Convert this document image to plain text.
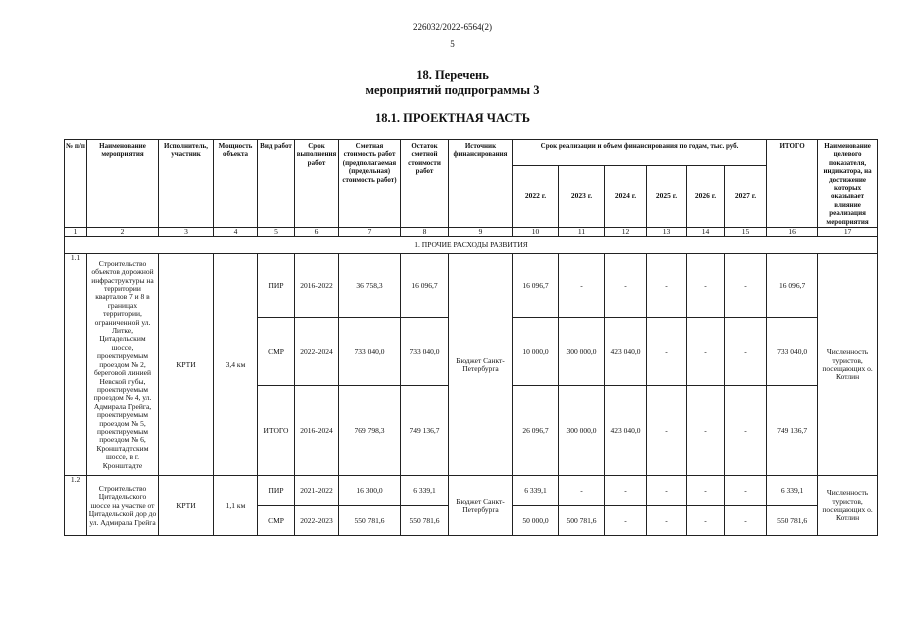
226032/2022-6564(2)
5
18. Перечень
мероприятий подпрограммы 3
18.1. ПРОЕКТНАЯ ЧАСТЬ
№ п/п	Наименование мероприятия	Исполнитель, участник	Мощность объекта	Вид работ	Срок выполнения работ	Сметная стоимость работ (предполагаемая (предельная) стоимость работ)	Остаток сметной стоимости работ	Источник финансирования	Срок реализации и объем финансирования по годам, тыс. руб.						ИТОГО	Наименование целевого показателя, индикатора, на достижение которых оказывает влияние реализация мероприятия
									2022 г.	2023 г.	2024 г.	2025 г.	2026 г.	2027 г.		
1	2	3	4	5	6	7	8	9	10	11	12	13	14	15	16	17
1. ПРОЧИЕ РАСХОДЫ РАЗВИТИЯ																
1.1	Строительство объектов дорожной инфраструктуры на территории кварталов 7 и 8 в границах территории, ограниченной ул. Литке, Цитадельским шоссе, проектируемым проездом № 2, береговой линией Невской губы, проектируемым проездом № 4, ул. Адмирала Грейга, проектируемым проездом № 5, проектируемым проездом № 6, Кронштадтским шоссе, в г. Кронштадте	КРТИ	3,4 км	ПИР	2016-2022	36 758,3	16 096,7	Бюджет Санкт-Петербурга	16 096,7	-	-	-	-	-	16 096,7	Численность туристов, посещающих о. Котлин
				СМР	2022-2024	733 040,0	733 040,0		10 000,0	300 000,0	423 040,0	-	-	-	733 040,0	
				ИТОГО	2016-2024	769 798,3	749 136,7		26 096,7	300 000,0	423 040,0	-	-	-	749 136,7	
1.2	Строительство Цитадельского шоссе на участке от Цитадельской дор до ул. Адмирала Грейга	КРТИ	1,1 км	ПИР	2021-2022	16 300,0	6 339,1	Бюджет Санкт-Петербурга	6 339,1	-	-	-	-	-	6 339,1	Численность туристов, посещающих о. Котлин
				СМР	2022-2023	550 781,6	550 781,6		50 000,0	500 781,6	-	-	-	-	550 781,6	
